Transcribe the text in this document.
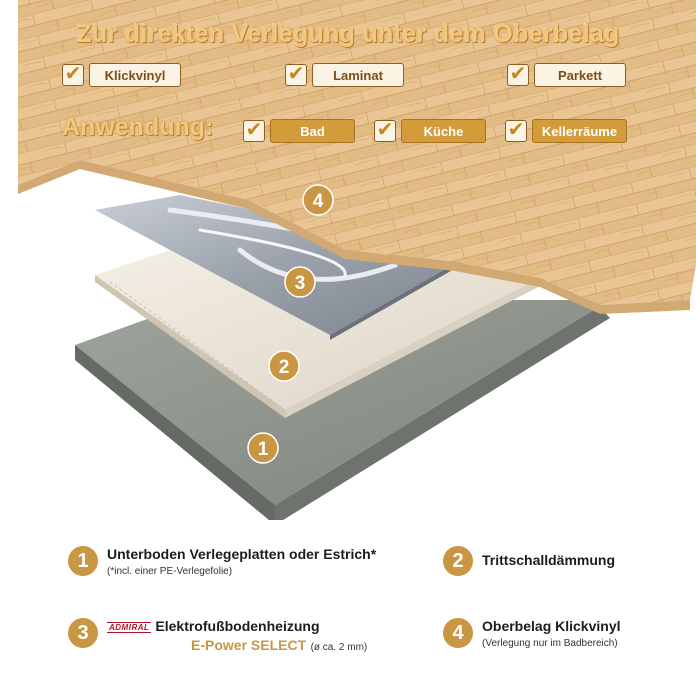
4
3
2
1
Zur direkten Verlegung unter dem Oberbelag
✔	Klickvinyl	✔	Laminat	✔	Parkett
Anwendung: ✔	Bad	✔	Küche	✔	Kellerräume
1	Unterboden Verlegeplatten oder Estrich*
(*incl. einer PE-Verlegefolie)	2	Trittschalldämmung
3	ADMIRAL Elektrofußbodenheizung
E-Power SELECT (ø ca. 2 mm)
4	Oberbelag Klickvinyl
(Verlegung nur im Badbereich)
